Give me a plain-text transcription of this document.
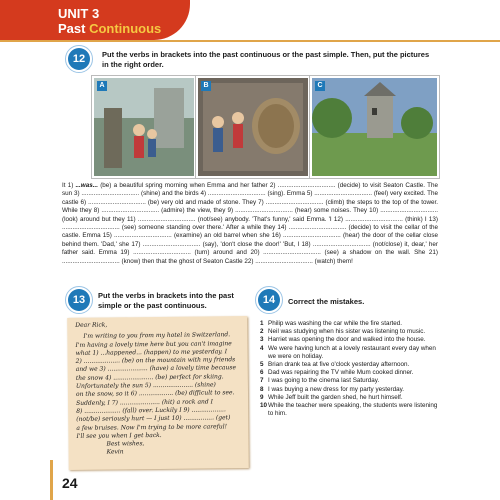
UNIT 3
Past Continuous
12	Put the verbs in brackets into the past continuous or the past simple. Then, put the pictures in the right order.
A	B	C
It 1) ...was... (be) a beautiful spring morning when Emma and her father 2) ................................. (decide) to visit Seaton Castle. The sun 3) ................................. (shine) and the birds 4) ................................. (sing). Emma 5) ................................. (feel) very excited. The castle 6) ................................. (be) very old and made of stone. They 7) ................................. (climb) the steps to the top of the tower. While they 8) ................................. (admire) the view, they 9) ................................. (hear) some noises. They 10) ................................. (look) around but they 11) ................................. (not/see) anybody. 'That's funny,' said Emma. 'I 12) ................................. (think) I 13) ................................. (see) someone standing over there.' After a while they 14) ................................. (decide) to visit the cellar of the castle. Emma 15) ................................. (examine) an old barrel when she 16) ................................. (hear) the door of the cellar close behind them. 'Dad,' she 17) ................................. (say), 'don't close the door!' 'But, I 18) ................................. (not/close) it, dear,' her father said. Emma 19) ................................. (turn) around and 20) ................................. (see) a shadow on the wall. She 21) ................................. (know) then that the ghost of Seaton Castle 22) ................................. (watch) them!
13	Put the verbs in brackets into the past simple or the past continuous.

Dear Rick,

I'm writing to you from my hotel in Switzerland.

I'm having a lovely time here but you can't imagine

what 1) ...happened... (happen) to me yesterday. I

2) ................... (be) on the mountain with my friends

and we 3) ..................... (have) a lovely time because

the snow 4) ..................... (be) perfect for skiing.

Unfortunately the sun 5) ..................... (shine)

on the snow, so it 6) .................. (be) difficult to see.

Suddenly, I 7) ..................... (hit) a rock and I

8) ................... (fall) over. Luckily I 9) ..................

(not/be) seriously hurt — I just 10) ................ (get)

a few bruises. Now I'm trying to be more careful!

I'll see you when I get back.

Best wishes,

Kevin

14	Correct the mistakes.
1 Philip was washing the car while the fire started.
2 Neil was studying when his sister was listening to music.
3 Harriet was opening the door and walked into the house.
4 We were having lunch at a lovely restaurant every day when we were on holiday.
5 Brian drank tea at five o'clock yesterday afternoon.
6 Dad was repairing the TV while Mum cooked dinner.
7 I was going to the cinema last Saturday.
8 I was buying a new dress for my party yesterday.
9 While Jeff built the garden shed, he hurt himself.
10 While the teacher were speaking, the students were listening to him.
24
